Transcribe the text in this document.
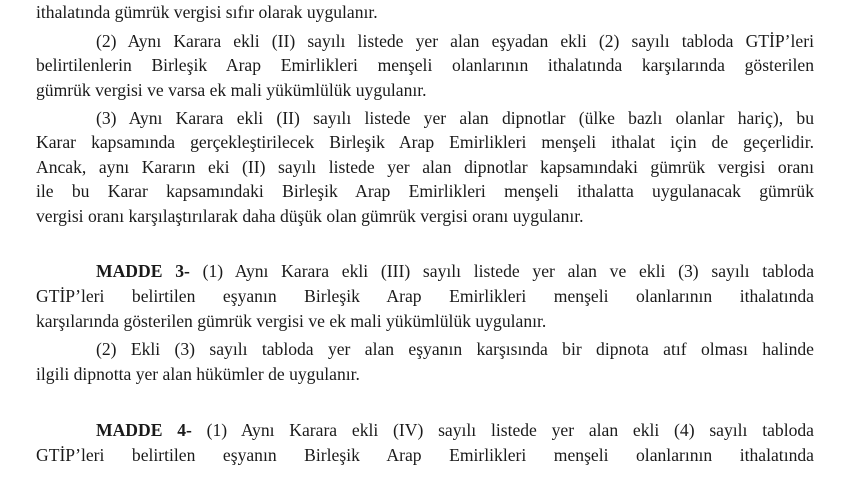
ithalatında gümrük vergisi sıfır olarak uygulanır.
(2) Aynı Karara ekli (II) sayılı listede yer alan eşyadan ekli (2) sayılı tabloda GTİP’leri
belirtilenlerin Birleşik Arap Emirlikleri menşeli olanlarının ithalatında karşılarında gösterilen
gümrük vergisi ve varsa ek mali yükümlülük uygulanır.
(3) Aynı Karara ekli (II) sayılı listede yer alan dipnotlar (ülke bazlı olanlar hariç), bu
Karar kapsamında gerçekleştirilecek Birleşik Arap Emirlikleri menşeli ithalat için de geçerlidir.
Ancak, aynı Kararın eki (II) sayılı listede yer alan dipnotlar kapsamındaki gümrük vergisi oranı
ile bu Karar kapsamındaki Birleşik Arap Emirlikleri menşeli ithalatta uygulanacak gümrük
vergisi oranı karşılaştırılarak daha düşük olan gümrük vergisi oranı uygulanır.
MADDE 3- (1) Aynı Karara ekli (III) sayılı listede yer alan ve ekli (3) sayılı tabloda
GTİP’leri belirtilen eşyanın Birleşik Arap Emirlikleri menşeli olanlarının ithalatında
karşılarında gösterilen gümrük vergisi ve ek mali yükümlülük uygulanır.
(2) Ekli (3) sayılı tabloda yer alan eşyanın karşısında bir dipnota atıf olması halinde
ilgili dipnotta yer alan hükümler de uygulanır.
MADDE 4- (1) Aynı Karara ekli (IV) sayılı listede yer alan ekli (4) sayılı tabloda
GTİP’leri belirtilen eşyanın Birleşik Arap Emirlikleri menşeli olanlarının ithalatında
